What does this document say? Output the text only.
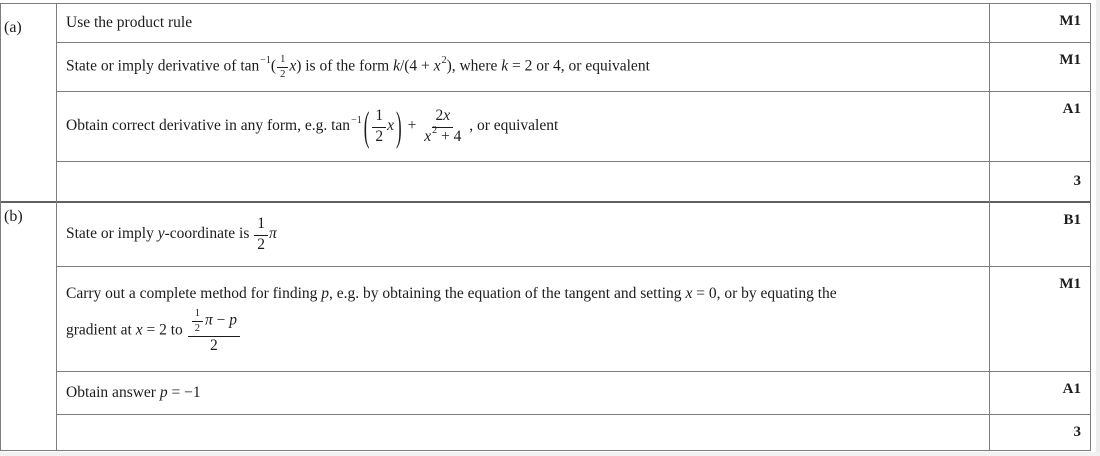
(a)
(b)
Use the product rule
State or imply derivative of $\tan^{-1}( \frac{1}{2} x)$ is of the form $k/(4 + x^2)$, where k = 2 or 4, or equivalent
Obtain correct derivative in any form, e.g. $\tan^{-1}$ ( $\frac{1}{2}$ x ) + $\frac{2x}{x^2 + 4}$ , or equivalent
State or imply y-coordinate is $\frac{1}{2}$ π
Carry out a complete method for finding p, e.g. by obtaining the equation of the tangent and setting x = 0, or by equating the
gradient at x = 2 to $\frac{\frac{1}{2} \pi - p}{2}$
Obtain answer p = −1
M1
M1
A1
3
B1
M1
A1
3
